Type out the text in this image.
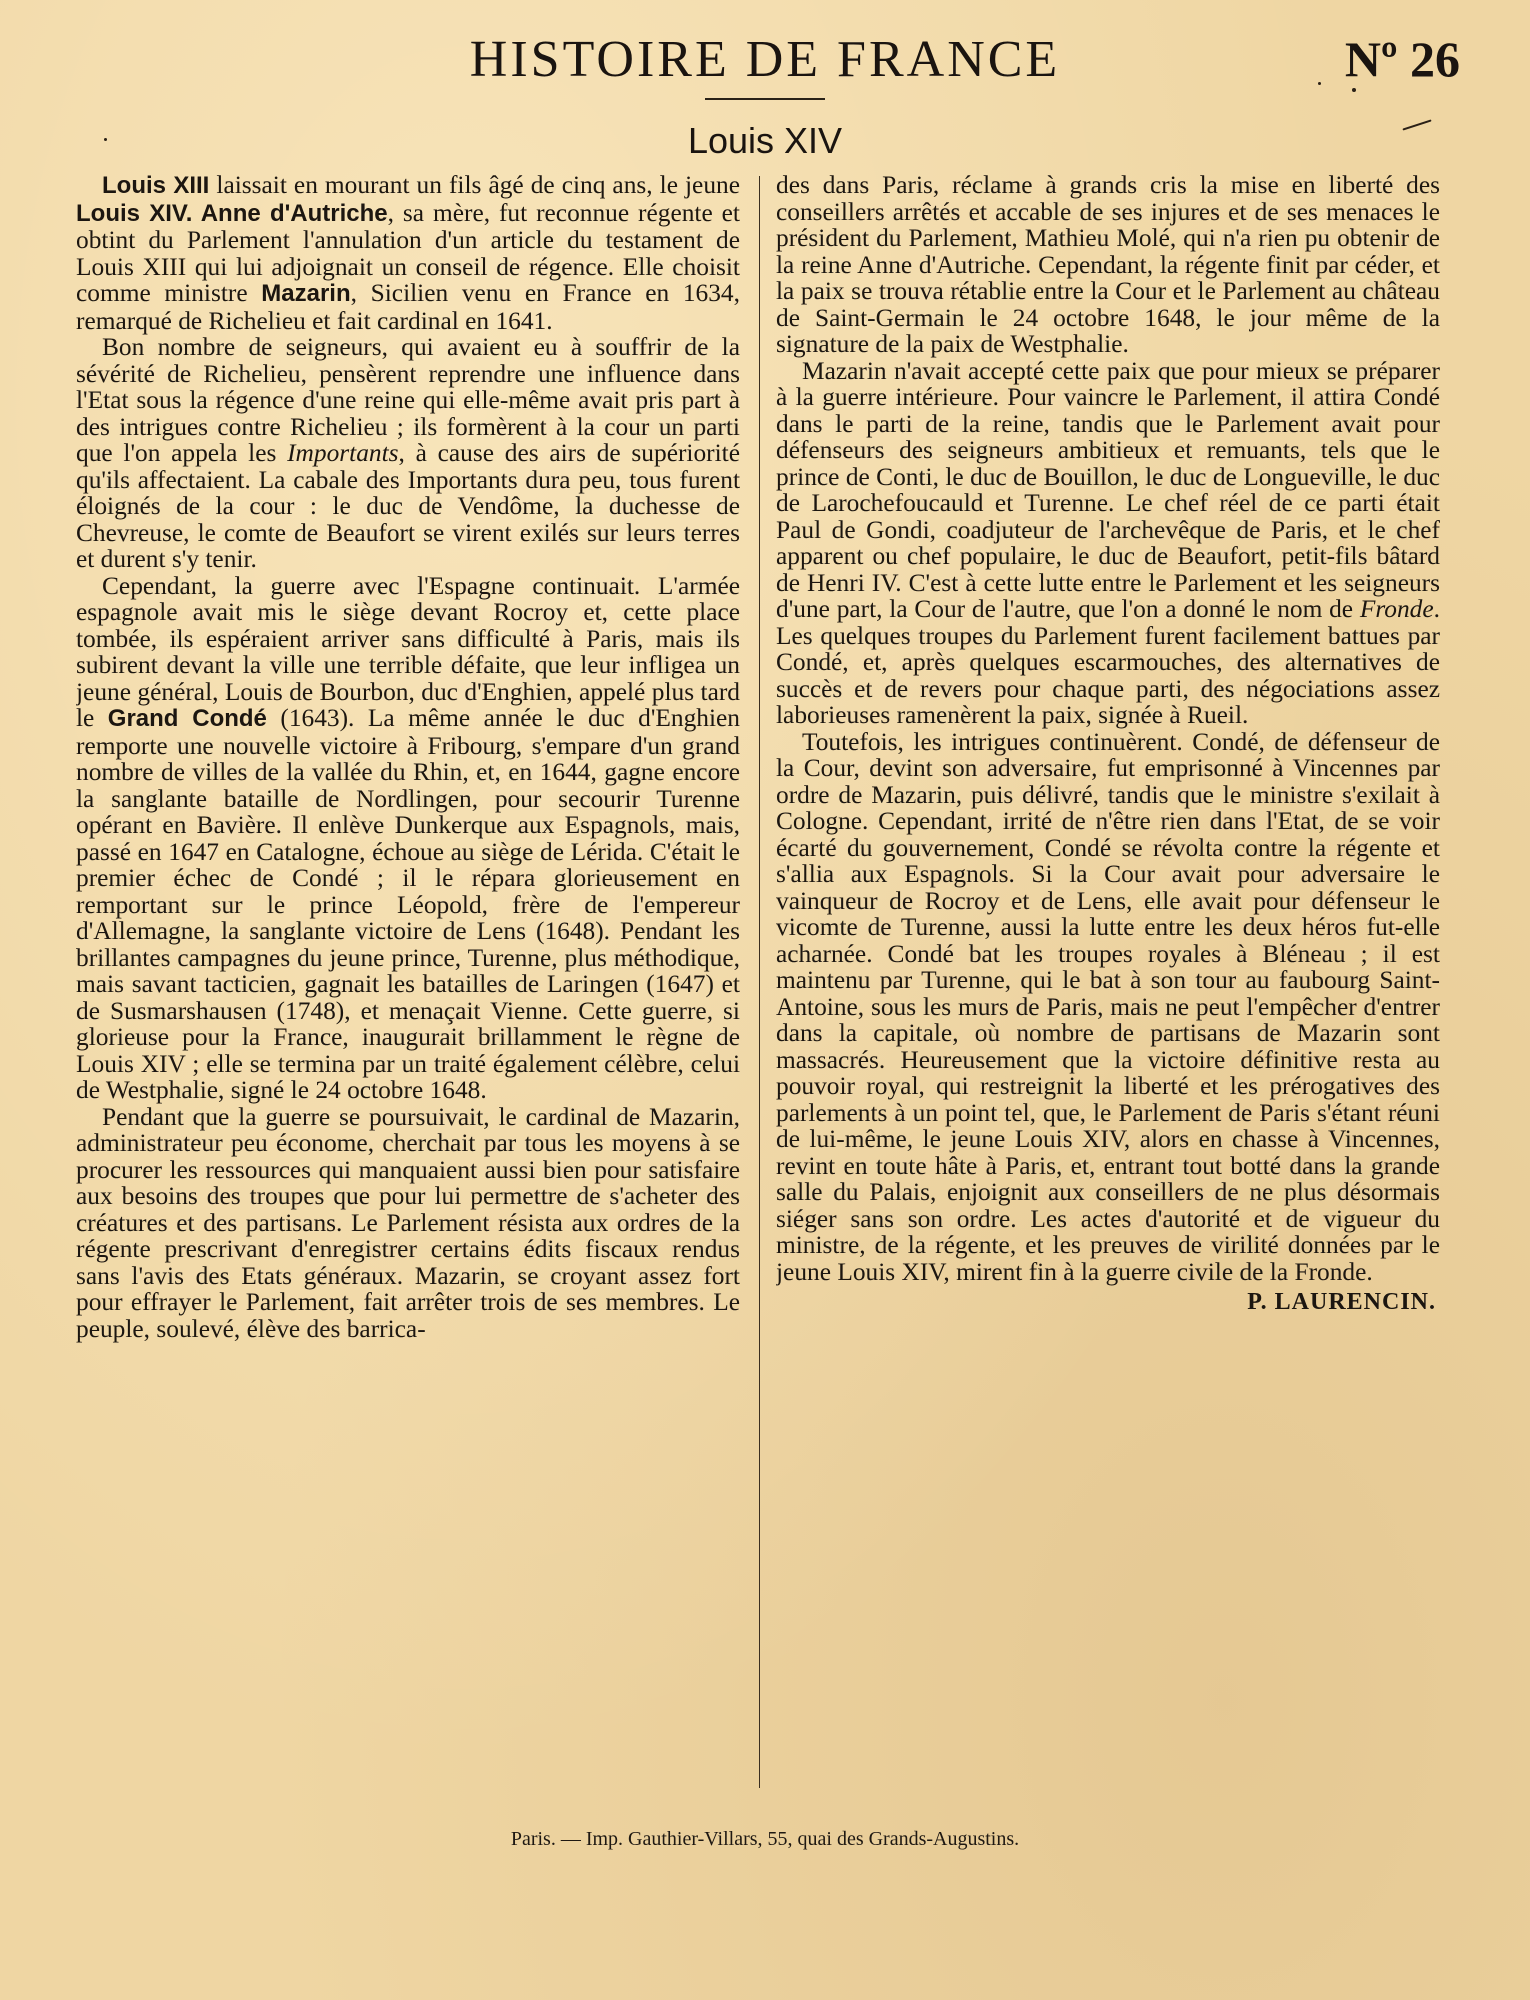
HISTOIRE DE FRANCE	Nº 26
Louis XIV

Louis XIII laissait en mourant un fils âgé de cinq ans, le jeune Louis XIV. Anne d'Autriche, sa mère, fut reconnue régente et obtint du Parlement l'annulation d'un article du testament de Louis XIII qui lui adjoignait un conseil de régence. Elle choisit comme ministre Mazarin, Sicilien venu en France en 1634, remarqué de Richelieu et fait cardinal en 1641.

Bon nombre de seigneurs, qui avaient eu à souffrir de la sévérité de Richelieu, pensèrent reprendre une influence dans l'Etat sous la régence d'une reine qui elle-même avait pris part à des intrigues contre Richelieu ; ils formèrent à la cour un parti que l'on appela les Importants, à cause des airs de supériorité qu'ils affectaient. La cabale des Importants dura peu, tous furent éloignés de la cour : le duc de Vendôme, la duchesse de Chevreuse, le comte de Beaufort se virent exilés sur leurs terres et durent s'y tenir.

Cependant, la guerre avec l'Espagne continuait. L'armée espagnole avait mis le siège devant Rocroy et, cette place tombée, ils espéraient arriver sans difficulté à Paris, mais ils subirent devant la ville une terrible défaite, que leur infligea un jeune général, Louis de Bourbon, duc d'Enghien, appelé plus tard le Grand Condé (1643). La même année le duc d'Enghien remporte une nouvelle victoire à Fribourg, s'empare d'un grand nombre de villes de la vallée du Rhin, et, en 1644, gagne encore la sanglante bataille de Nordlingen, pour secourir Turenne opérant en Bavière. Il enlève Dunkerque aux Espagnols, mais, passé en 1647 en Catalogne, échoue au siège de Lérida. C'était le premier échec de Condé ; il le répara glorieusement en remportant sur le prince Léopold, frère de l'empereur d'Allemagne, la sanglante victoire de Lens (1648). Pendant les brillantes campagnes du jeune prince, Turenne, plus méthodique, mais savant tacticien, gagnait les batailles de Laringen (1647) et de Susmarshausen (1748), et menaçait Vienne. Cette guerre, si glorieuse pour la France, inaugurait brillamment le règne de Louis XIV ; elle se termina par un traité également célèbre, celui de Westphalie, signé le 24 octobre 1648.

Pendant que la guerre se poursuivait, le cardinal de Mazarin, administrateur peu économe, cherchait par tous les moyens à se procurer les ressources qui manquaient aussi bien pour satisfaire aux besoins des troupes que pour lui permettre de s'acheter des créatures et des partisans. Le Parlement résista aux ordres de la régente prescrivant d'enregistrer certains édits fiscaux rendus sans l'avis des Etats généraux. Mazarin, se croyant assez fort pour effrayer le Parlement, fait arrêter trois de ses membres. Le peuple, soulevé, élève des barrica-

des dans Paris, réclame à grands cris la mise en liberté des conseillers arrêtés et accable de ses injures et de ses menaces le président du Parlement, Mathieu Molé, qui n'a rien pu obtenir de la reine Anne d'Autriche. Cependant, la régente finit par céder, et la paix se trouva rétablie entre la Cour et le Parlement au château de Saint-Germain le 24 octobre 1648, le jour même de la signature de la paix de Westphalie.

Mazarin n'avait accepté cette paix que pour mieux se préparer à la guerre intérieure. Pour vaincre le Parlement, il attira Condé dans le parti de la reine, tandis que le Parlement avait pour défenseurs des seigneurs ambitieux et remuants, tels que le prince de Conti, le duc de Bouillon, le duc de Longueville, le duc de Larochefoucauld et Turenne. Le chef réel de ce parti était Paul de Gondi, coadjuteur de l'archevêque de Paris, et le chef apparent ou chef populaire, le duc de Beaufort, petit-fils bâtard de Henri IV. C'est à cette lutte entre le Parlement et les seigneurs d'une part, la Cour de l'autre, que l'on a donné le nom de Fronde. Les quelques troupes du Parlement furent facilement battues par Condé, et, après quelques escarmouches, des alternatives de succès et de revers pour chaque parti, des négociations assez laborieuses ramenèrent la paix, signée à Rueil.

Toutefois, les intrigues continuèrent. Condé, de défenseur de la Cour, devint son adversaire, fut emprisonné à Vincennes par ordre de Mazarin, puis délivré, tandis que le ministre s'exilait à Cologne. Cependant, irrité de n'être rien dans l'Etat, de se voir écarté du gouvernement, Condé se révolta contre la régente et s'allia aux Espagnols. Si la Cour avait pour adversaire le vainqueur de Rocroy et de Lens, elle avait pour défenseur le vicomte de Turenne, aussi la lutte entre les deux héros fut-elle acharnée. Condé bat les troupes royales à Bléneau ; il est maintenu par Turenne, qui le bat à son tour au faubourg Saint-Antoine, sous les murs de Paris, mais ne peut l'empêcher d'entrer dans la capitale, où nombre de partisans de Mazarin sont massacrés. Heureusement que la victoire définitive resta au pouvoir royal, qui restreignit la liberté et les prérogatives des parlements à un point tel, que, le Parlement de Paris s'étant réuni de lui-même, le jeune Louis XIV, alors en chasse à Vincennes, revint en toute hâte à Paris, et, entrant tout botté dans la grande salle du Palais, enjoignit aux conseillers de ne plus désormais siéger sans son ordre. Les actes d'autorité et de vigueur du ministre, de la régente, et les preuves de virilité données par le jeune Louis XIV, mirent fin à la guerre civile de la Fronde.

P. LAURENCIN.
Paris. — Imp. Gauthier-Villars, 55, quai des Grands-Augustins.
